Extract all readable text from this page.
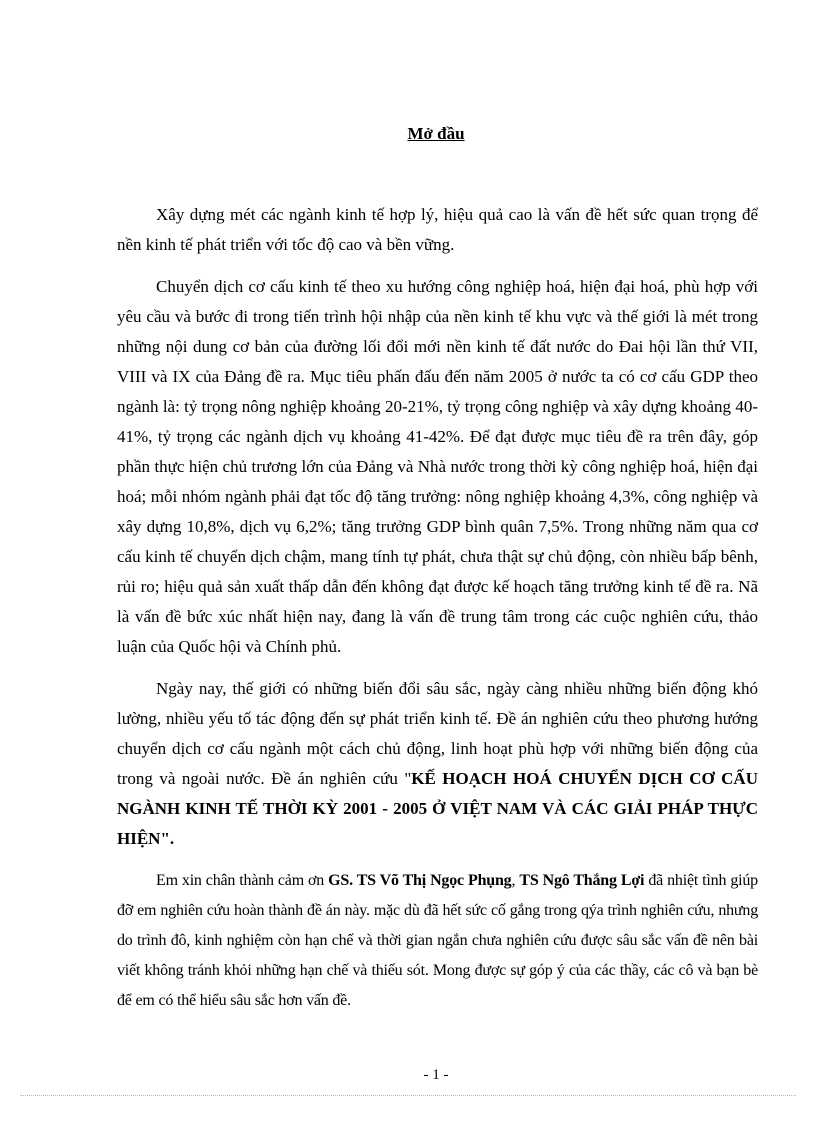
Mở đầu

Xây dựng mét các ngành kinh tế hợp lý, hiệu quả cao là vấn đề hết sức quan trọng để nền kinh tế phát triển với tốc độ cao và bền vững.

Chuyển dịch cơ cấu kinh tế theo xu hướng công nghiệp hoá, hiện đại hoá, phù hợp với yêu cầu và bước đi trong tiến trình hội nhập của nền kinh tế khu vực và thế giới là mét trong những nội dung cơ bản của đường lối đổi mới nền kinh tế đất nước do Đai hội lần thứ VII, VIII và IX của Đảng đề ra. Mục tiêu phấn đấu đến năm 2005 ở nước ta có cơ cấu GDP theo ngành là: tỷ trọng nông nghiệp khoảng 20-21%, tỷ trọng công nghiệp và xây dựng khoảng 40-41%, tỷ trọng các ngành dịch vụ khoảng 41-42%. Để đạt được mục tiêu đề ra trên đây, góp phần thực hiện chủ trương lớn của Đảng và Nhà nước trong thời kỳ công nghiệp hoá, hiện đại hoá; mỗi nhóm ngành phải đạt tốc độ tăng trưởng: nông nghiệp khoảng 4,3%, công nghiệp và xây dựng 10,8%, dịch vụ 6,2%; tăng trưởng GDP bình quân 7,5%. Trong những năm qua cơ cấu kinh tế chuyển dịch chậm, mang tính tự phát, chưa thật sự chủ động, còn nhiều bấp bênh, rủi ro; hiệu quả sản xuất thấp dẫn đến không đạt được kế hoạch tăng trưởng kinh tế đề ra. Nã là vấn đề bức xúc nhất hiện nay, đang là vấn đề trung tâm trong các cuộc nghiên cứu, thảo luận của Quốc hội và Chính phủ.

Ngày nay, thế giới có những biến đổi sâu sắc, ngày càng nhiều những biến động khó lường, nhiều yếu tố tác động đến sự phát triển kinh tế. Đề án nghiên cứu theo phương hướng chuyển dịch cơ cấu ngành một cách chủ động, linh hoạt phù hợp với những biến động của trong và ngoài nước. Đề án nghiên cứu "KẾ HOẠCH HOÁ CHUYỂN DỊCH CƠ CẤU NGÀNH KINH TẾ THỜI KỲ 2001 - 2005 Ở VIỆT NAM VÀ CÁC GIẢI PHÁP THỰC HIỆN".

Em xin chân thành cảm ơn GS. TS Võ Thị Ngọc Phụng, TS Ngô Thắng Lợi đã nhiệt tình giúp đỡ em nghiên cứu hoàn thành đề án này. mặc dù đã hết sức cố gắng trong qýa trình nghiên cứu, nhưng do trình đô, kinh nghiệm còn hạn chế và thời gian ngắn chưa nghiên cứu được sâu sắc vấn đề nên bài viết không tránh khỏi những hạn chế và thiếu sót. Mong được sự góp ý của các thầy, các cô và bạn bè để em có thể hiểu sâu sắc hơn vấn đề.

- 1 -
